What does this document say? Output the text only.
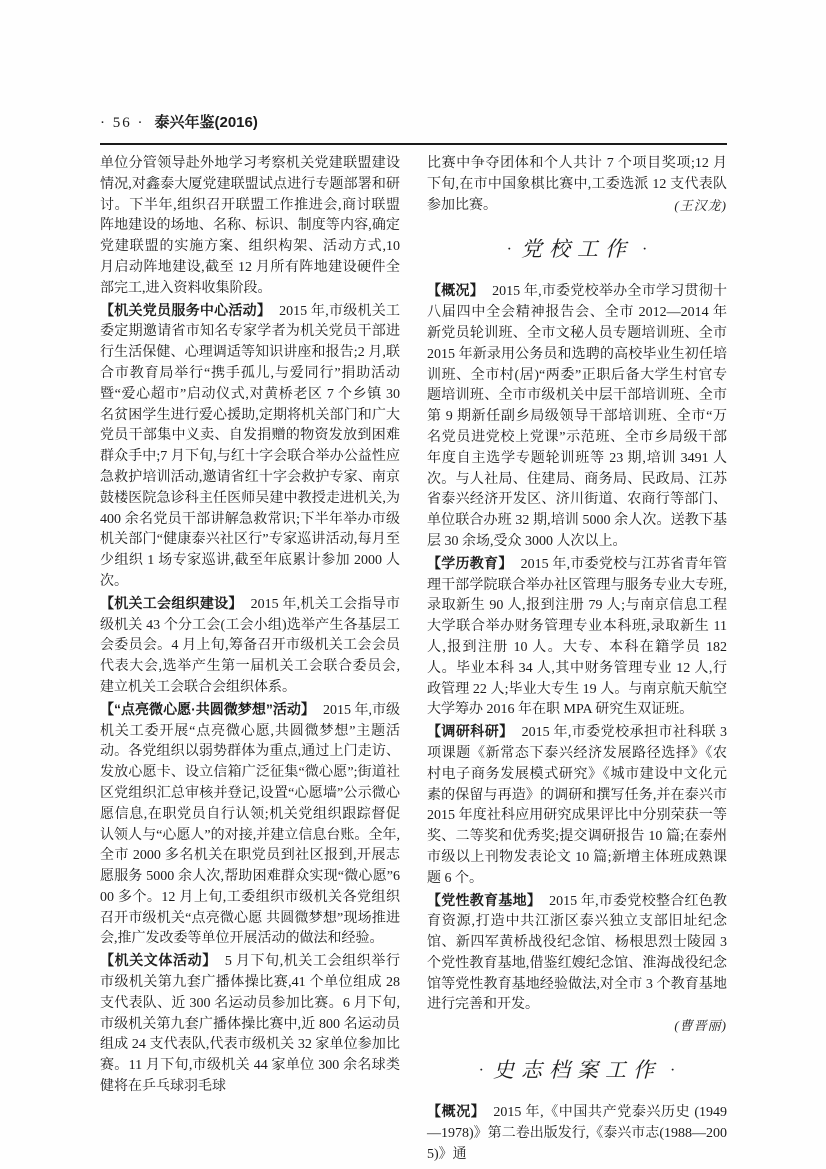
· 56 · 泰兴年鉴(2016)

单位分管领导赴外地学习考察机关党建联盟建设情况,对鑫泰大厦党建联盟试点进行专题部署和研讨。下半年,组织召开联盟工作推进会,商讨联盟阵地建设的场地、名称、标识、制度等内容,确定党建联盟的实施方案、组织构架、活动方式,10 月启动阵地建设,截至 12 月所有阵地建设硬件全部完工,进入资料收集阶段。

【机关党员服务中心活动】 2015 年,市级机关工委定期邀请省市知名专家学者为机关党员干部进行生活保健、心理调适等知识讲座和报告;2 月,联合市教育局举行“携手孤儿,与爱同行”捐助活动暨“爱心超市”启动仪式,对黄桥老区 7 个乡镇 30 名贫困学生进行爱心援助,定期将机关部门和广大党员干部集中义卖、自发捐赠的物资发放到困难群众手中;7 月下旬,与红十字会联合举办公益性应急救护培训活动,邀请省红十字会救护专家、南京鼓楼医院急诊科主任医师吴建中教授走进机关,为 400 余名党员干部讲解急救常识;下半年举办市级机关部门“健康泰兴社区行”专家巡讲活动,每月至少组织 1 场专家巡讲,截至年底累计参加 2000 人次。

【机关工会组织建设】 2015 年,机关工会指导市级机关 43 个分工会(工会小组)选举产生各基层工会委员会。4 月上旬,筹备召开市级机关工会会员代表大会,选举产生第一届机关工会联合委员会,建立机关工会联合会组织体系。

【“点亮微心愿·共圆微梦想”活动】 2015 年,市级机关工委开展“点亮微心愿,共圆微梦想”主题活动。各党组织以弱势群体为重点,通过上门走访、发放心愿卡、设立信箱广泛征集“微心愿”;街道社区党组织汇总审核并登记,设置“心愿墙”公示微心愿信息,在职党员自行认领;机关党组织跟踪督促认领人与“心愿人”的对接,并建立信息台账。全年,全市 2000 多名机关在职党员到社区报到,开展志愿服务 5000 余人次,帮助困难群众实现“微心愿”600 多个。12 月上旬,工委组织市级机关各党组织召开市级机关“点亮微心愿 共圆微梦想”现场推进会,推广发改委等单位开展活动的做法和经验。

【机关文体活动】 5 月下旬,机关工会组织举行市级机关第九套广播体操比赛,41 个单位组成 28 支代表队、近 300 名运动员参加比赛。6 月下旬,市级机关第九套广播体操比赛中,近 800 名运动员组成 24 支代表队,代表市级机关 32 家单位参加比赛。11 月下旬,市级机关 44 家单位 300 余名球类健将在乒乓球羽毛球

比赛中争夺团体和个人共计 7 个项目奖项;12 月下旬,在市中国象棋比赛中,工委选派 12 支代表队参加比赛。	(王汉龙)

· 党校工作 ·

【概况】 2015 年,市委党校举办全市学习贯彻十八届四中全会精神报告会、全市 2012—2014 年新党员轮训班、全市文秘人员专题培训班、全市 2015 年新录用公务员和选聘的高校毕业生初任培训班、全市村(居)“两委”正职后备大学生村官专题培训班、全市市级机关中层干部培训班、全市第 9 期新任副乡局级领导干部培训班、全市“万名党员进党校上党课”示范班、全市乡局级干部年度自主选学专题轮训班等 23 期,培训 3491 人次。与人社局、住建局、商务局、民政局、江苏省泰兴经济开发区、济川街道、农商行等部门、单位联合办班 32 期,培训 5000 余人次。送教下基层 30 余场,受众 3000 人次以上。

【学历教育】 2015 年,市委党校与江苏省青年管理干部学院联合举办社区管理与服务专业大专班,录取新生 90 人,报到注册 79 人;与南京信息工程大学联合举办财务管理专业本科班,录取新生 11 人,报到注册 10 人。大专、本科在籍学员 182 人。毕业本科 34 人,其中财务管理专业 12 人,行政管理 22 人;毕业大专生 19 人。与南京航天航空大学筹办 2016 年在职 MPA 研究生双证班。

【调研科研】 2015 年,市委党校承担市社科联 3 项课题《新常态下泰兴经济发展路径选择》《农村电子商务发展模式研究》《城市建设中文化元素的保留与再造》的调研和撰写任务,并在泰兴市 2015 年度社科应用研究成果评比中分别荣获一等奖、二等奖和优秀奖;提交调研报告 10 篇;在泰州市级以上刊物发表论文 10 篇;新增主体班成熟课题 6 个。

【党性教育基地】 2015 年,市委党校整合红色教育资源,打造中共江浙区泰兴独立支部旧址纪念馆、新四军黄桥战役纪念馆、杨根思烈士陵园 3 个党性教育基地,借鉴红嫂纪念馆、淮海战役纪念馆等党性教育基地经验做法,对全市 3 个教育基地进行完善和开发。

(曹晋丽)

· 史志档案工作 ·

【概况】 2015 年,《中国共产党泰兴历史 (1949—1978)》第二卷出版发行,《泰兴市志(1988—2005)》通
